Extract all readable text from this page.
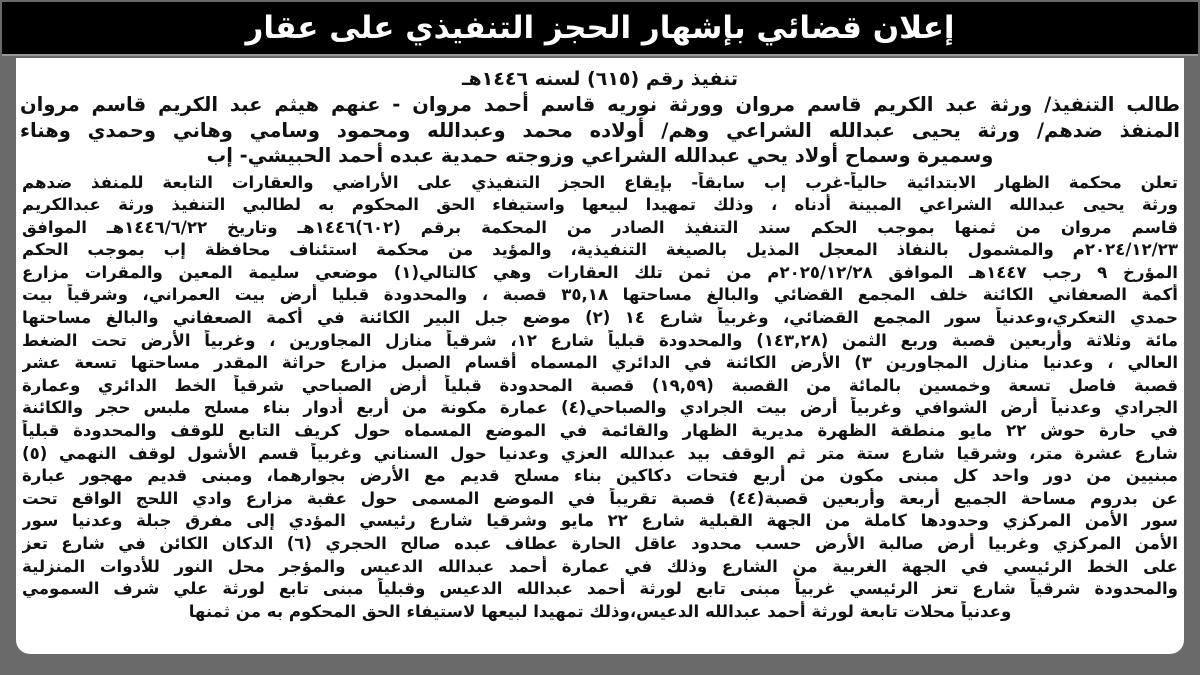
إعلان قضائي بإشهار الحجز التنفيذي على عقار
تنفيذ رقم (٦١٥) لسنه ١٤٤٦هـ
طالب التنفيذ/ ورثة عبد الكريم قاسم مروان وورثة نوريه قاسم أحمد مروان - عنهم هيثم عبد الكريم قاسم مروان
المنفذ ضدهم/ ورثة يحيى عبدالله الشراعي وهم/ أولاده محمد وعبدالله ومحمود وسامي وهاني وحمدي وهناء
وسميرة وسماح أولاد يحي عبدالله الشراعي وزوجته حمدية عبده أحمد الحبيشي- إب
تعلن محكمة الظهار الابتدائية حالياً-غرب إب سابقاً- بإيقاع الحجز التنفيذي على الأراضي والعقارات التابعة للمنفذ ضدهم
ورثة يحيى عبدالله الشراعي المبينة أدناه ، وذلك تمهيدا لبيعها واستيفاء الحق المحكوم به لطالبي التنفيذ ورثة عبدالكريم
قاسم مروان من ثمنها بموجب الحكم سند التنفيذ الصادر من المحكمة برقم (٦٠٢)١٤٤٦هـ وتاريخ ١٤٤٦/٦/٢٢هـ الموافق
٢٠٢٤/١٢/٢٣م والمشمول بالنفاذ المعجل المذيل بالصيغة التنفيذية، والمؤيد من محكمة استئناف محافظة إب بموجب الحكم
المؤرخ ٩ رجب ١٤٤٧هـ الموافق ٢٠٢٥/١٢/٢٨م من ثمن تلك العقارات وهي كالتالي(١) موضعي سليمة المعين والمقرات مزارع
أكمة الصعفاني الكائنة خلف المجمع القضائي والبالغ مساحتها ٣٥,١٨ قصبة ، والمحدودة قبليا أرض بيت العمراني، وشرقياً بيت
حمدي التعكري،وعدنياً سور المجمع القضائي، وغربياً شارع ١٤ (٢) موضع جبل البير الكائنة في أكمة الصعفاني والبالغ مساحتها
مائة وثلاثة وأربعين قصبة وربع الثمن (١٤٣,٢٨) والمحدودة قبلياً شارع ١٢، شرقياً منازل المجاورين ، وغربياً الأرض تحت الضغط
العالي ، وعدنيا منازل المجاورين ٣) الأرض الكائنة في الدائري المسماه أقسام الصبل مزارع حراثة المقدر مساحتها تسعة عشر
قصبة فاصل تسعة وخمسين بالمائة من القصبة (١٩,٥٩) قصبة المحدودة قبلياً أرض الصباحي شرقياً الخط الدائري وعمارة
الجرادي وعدنياً أرض الشوافي وغربياً أرض بيت الجرادي والصباحي(٤) عمارة مكونة من أربع أدوار بناء مسلح ملبس حجر والكائنة
في حارة حوش ٢٢ مايو منطقة الظهرة مديرية الظهار والقائمة في الموضع المسماه حول كريف التابع للوقف والمحدودة قبلياً
شارع عشرة متر، وشرقيا شارع ستة متر ثم الوقف بيد عبدالله العزي وعدنيا حول السناني وغربياً قسم الأشول لوقف النهمي (٥)
مبنيين من دور واحد كل مبنى مكون من أربع فتحات دكاكين بناء مسلح قديم مع الأرض بجوارهما، ومبنى قديم مهجور عبارة
عن بدروم مساحة الجميع أربعة وأربعين قصبة(٤٤) قصبة تقريباً في الموضع المسمى حول عقبة مزارع وادي اللحج الواقع تحت
سور الأمن المركزي وحدودها كاملة من الجهة القبلية شارع ٢٢ مايو وشرقيا شارع رئيسي المؤدي إلى مفرق جبلة وعدنيا سور
الأمن المركزي وغربيا أرض صالبة الأرض حسب محدود عاقل الحارة عطاف عبده صالح الحجري (٦) الدكان الكائن في شارع تعز
على الخط الرئيسي في الجهة الغربية من الشارع وذلك في عمارة أحمد عبدالله الدعيس والمؤجر محل النور للأدوات المنزلية
والمحدودة شرقياً شارع تعز الرئيسي غربياً مبنى تابع لورثة أحمد عبدالله الدعيس وقبلياً مبنى تابع لورثة علي شرف السمومي
وعدنياً محلات تابعة لورثة أحمد عبدالله الدعيس،وذلك تمهيدا لبيعها لاستيفاء الحق المحكوم به من ثمنها
